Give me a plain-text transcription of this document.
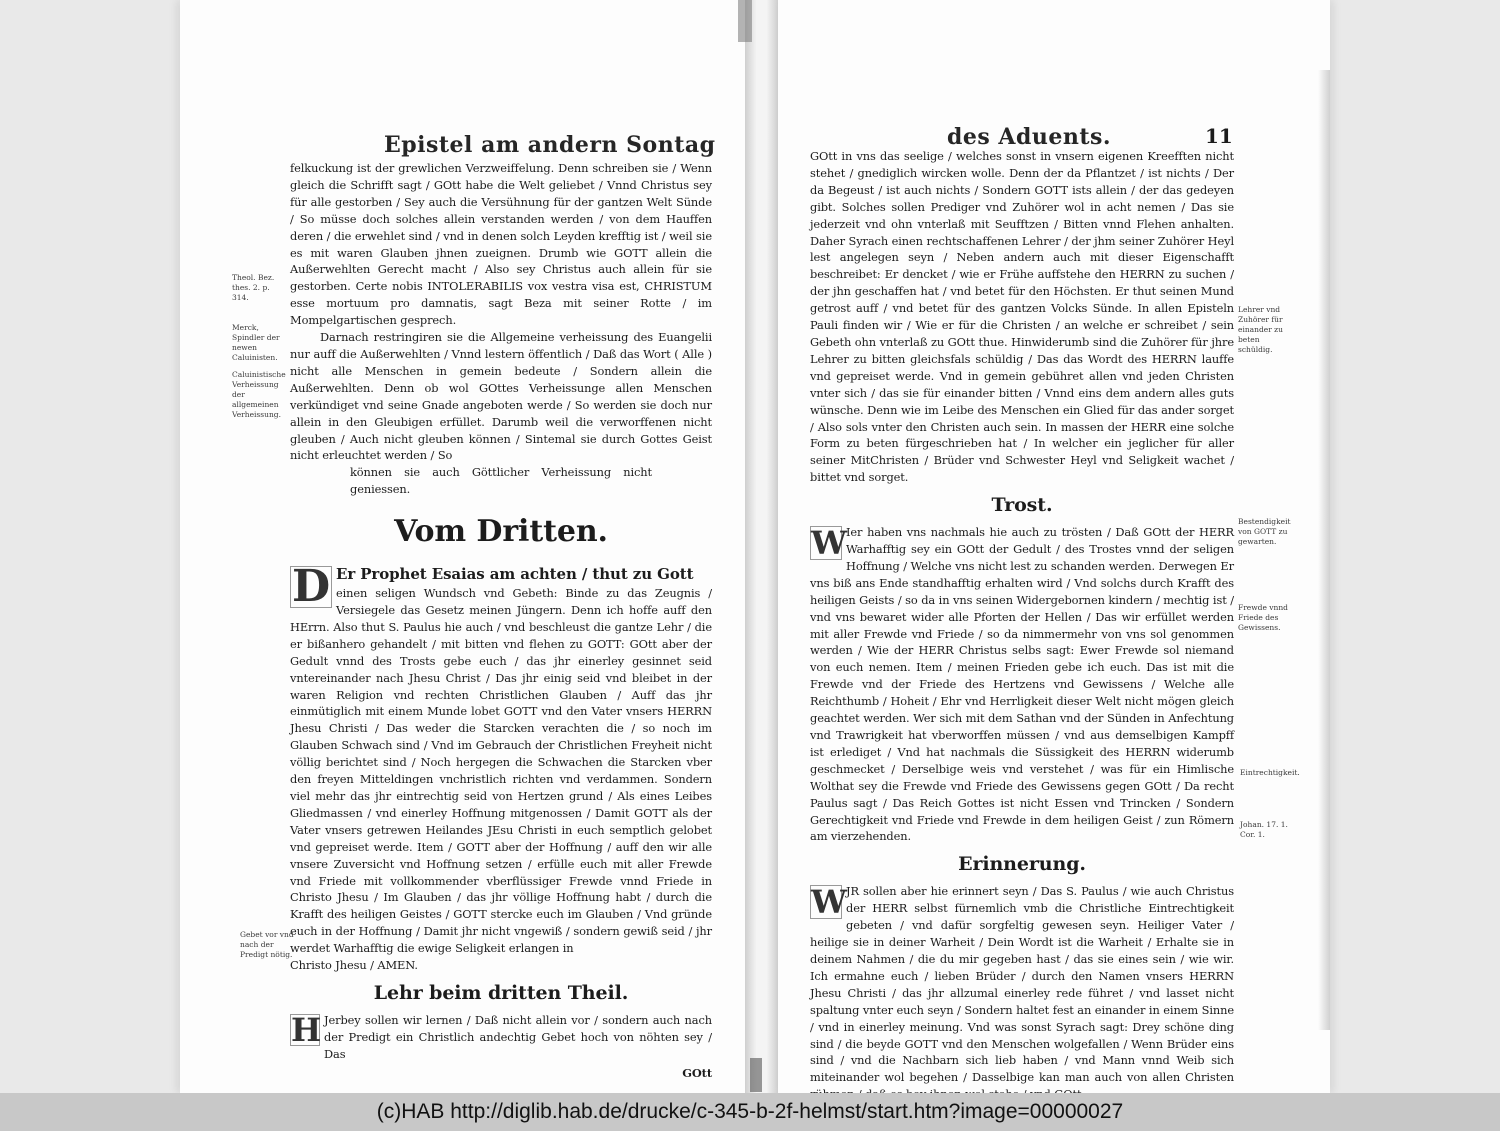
Epistel am andern Sontag

felkuckung ist der grewlichen Verzweiffelung. Denn schreiben sie / Wenn gleich die Schrifft sagt / GOtt habe die Welt geliebet / Vnnd Christus sey für alle gestorben / Sey auch die Versühnung für der gantzen Welt Sünde / So müsse doch solches allein verstanden werden / von dem Hauffen deren / die erwehlet sind / vnd in denen solch Leyden krefftig ist / weil sie es mit waren Glauben jhnen zueignen. Drumb wie GOTT allein die Außerwehlten Gerecht macht / Also sey Christus auch allein für sie gestorben. Certe nobis INTOLERABILIS vox vestra visa est, CHRISTUM esse mortuum pro damnatis, sagt Beza mit seiner Rotte / im Mompelgartischen gesprech.

Darnach restringiren sie die Allgemeine verheissung des Euangelii nur auff die Außerwehlten / Vnnd lestern öffentlich / Daß das Wort ( Alle ) nicht alle Menschen in gemein bedeute / Sondern allein die Außerwehlten. Denn ob wol GOttes Verheissunge allen Menschen verkündiget vnd seine Gnade angeboten werde / So werden sie doch nur allein in den Gleubigen erfüllet. Darumb weil die verworffenen nicht gleuben / Auch nicht gleuben können / Sintemal sie durch Gottes Geist nicht erleuchtet werden / So

können sie auch Göttlicher Verheissung nicht geniessen.

Vom Dritten.
D Er Prophet Esaias am achten / thut zu Gott

einen seligen Wundsch vnd Gebeth: Binde zu das Zeugnis / Versiegele das Gesetz meinen Jüngern. Denn ich hoffe auff den HErrn. Also thut S. Paulus hie auch / vnd beschleust die gantze Lehr / die er bißanhero gehandelt / mit bitten vnd flehen zu GOTT: GOtt aber der Gedult vnnd des Trosts gebe euch / das jhr einerley gesinnet seid vntereinander nach Jhesu Christ / Das jhr einig seid vnd bleibet in der waren Religion vnd rechten Christlichen Glauben / Auff das jhr einmütiglich mit einem Munde lobet GOTT vnd den Vater vnsers HERRN Jhesu Christi / Das weder die Starcken verachten die / so noch im Glauben Schwach sind / Vnd im Gebrauch der Christlichen Freyheit nicht völlig berichtet sind / Noch hergegen die Schwachen die Starcken vber den freyen Mitteldingen vnchristlich richten vnd verdammen. Sondern viel mehr das jhr eintrechtig seid von Hertzen grund / Als eines Leibes Gliedmassen / vnd einerley Hoffnung mitgenossen / Damit GOTT als der Vater vnsers getrewen Heilandes JEsu Christi in euch semptlich gelobet vnd gepreiset werde. Item / GOTT aber der Hoffnung / auff den wir alle vnsere Zuversicht vnd Hoffnung setzen / erfülle euch mit aller Frewde vnd Friede mit vollkommender vberflüssiger Frewde vnnd Friede in Christo Jhesu / Im Glauben / das jhr völlige Hoffnung habt / durch die Krafft des heiligen Geistes / GOTT stercke euch im Glauben / Vnd gründe euch in der Hoffnung / Damit jhr nicht vngewiß / sondern gewiß seid / jhr werdet Warhafftig die ewige Seligkeit erlangen in

Christo Jhesu / AMEN.

Lehr beim dritten Theil.
H Jerbey sollen wir lernen / Daß nicht allein vor / sondern auch nach der Predigt ein Christlich andechtig Gebet hoch von nöhten sey / Das

GOtt
Theol. Bez. thes. 2. p. 314.
Merck, Spindler der newen Caluinisten.
Caluinistische Verheissung der allgemeinen Verheissung.
Gebet vor vnd nach der Predigt nötig.
des Aduents.	11

GOtt in vns das seelige / welches sonst in vnsern eigenen Kreefften nicht stehet / gnediglich wircken wolle. Denn der da Pflantzet / ist nichts / Der da Begeust / ist auch nichts / Sondern GOTT ists allein / der das gedeyen gibt. Solches sollen Prediger vnd Zuhörer wol in acht nemen / Das sie jederzeit vnd ohn vnterlaß mit Seufftzen / Bitten vnnd Flehen anhalten. Daher Syrach einen rechtschaffenen Lehrer / der jhm seiner Zuhörer Heyl lest angelegen seyn / Neben andern auch mit dieser Eigenschafft beschreibet: Er dencket / wie er Frühe auffstehe den HERRN zu suchen / der jhn geschaffen hat / vnd betet für den Höchsten. Er thut seinen Mund getrost auff / vnd betet für des gantzen Volcks Sünde. In allen Episteln Pauli finden wir / Wie er für die Christen / an welche er schreibet / sein Gebeth ohn vnterlaß zu GOtt thue. Hinwiderumb sind die Zuhörer für jhre Lehrer zu bitten gleichsfals schüldig / Das das Wordt des HERRN lauffe vnd gepreiset werde. Vnd in gemein gebühret allen vnd jeden Christen vnter sich / das sie für einander bitten / Vnnd eins dem andern alles guts wünsche. Denn wie im Leibe des Menschen ein Glied für das ander sorget / Also sols vnter den Christen auch sein. In massen der HERR eine solche Form zu beten fürgeschrieben hat / In welcher ein jeglicher für aller seiner MitChristen / Brüder vnd Schwester Heyl vnd Seligkeit wachet / bittet vnd sorget.

Trost.
W Ier haben vns nachmals hie auch zu trösten / Daß GOtt der HERR Warhafftig sey ein GOtt der Gedult / des Trostes vnnd der seligen Hoffnung / Welche vns nicht lest zu schanden werden. Derwegen Er vns biß ans Ende standhafftig erhalten wird / Vnd solchs durch Krafft des heiligen Geists / so da in vns seinen Widergebornen kindern / mechtig ist / vnd vns bewaret wider alle Pforten der Hellen / Das wir erfüllet werden mit aller Frewde vnd Friede / so da nimmermehr von vns sol genommen werden / Wie der HERR Christus selbs sagt: Ewer Frewde sol niemand von euch nemen. Item / meinen Frieden gebe ich euch. Das ist mit die Frewde vnd der Friede des Hertzens vnd Gewissens / Welche alle Reichthumb / Hoheit / Ehr vnd Herrligkeit dieser Welt nicht mögen gleich geachtet werden. Wer sich mit dem Sathan vnd der Sünden in Anfechtung vnd Trawrigkeit hat vberworffen müssen / vnd aus demselbigen Kampff ist erlediget / Vnd hat nachmals die Süssigkeit des HERRN widerumb geschmecket / Derselbige weis vnd verstehet / was für ein Himlische Wolthat sey die Frewde vnd Friede des Gewissens gegen GOtt / Da recht Paulus sagt / Das Reich Gottes ist nicht Essen vnd Trincken / Sondern Gerechtigkeit vnd Friede vnd Frewde in dem heiligen Geist / zun Römern am vierzehenden.

Erinnerung.
W JR sollen aber hie erinnert seyn / Das S. Paulus / wie auch Christus der HERR selbst fürnemlich vmb die Christliche Eintrechtigkeit gebeten / vnd dafür sorgfeltig gewesen seyn. Heiliger Vater / heilige sie in deiner Warheit / Dein Wordt ist die Warheit / Erhalte sie in deinem Nahmen / die du mir gegeben hast / das sie eines sein / wie wir. Ich ermahne euch / lieben Brüder / durch den Namen vnsers HERRN Jhesu Christi / das jhr allzumal einerley rede führet / vnd lasset nicht spaltung vnter euch seyn / Sondern haltet fest an einander in einem Sinne / vnd in einerley meinung. Vnd was sonst Syrach sagt: Drey schöne ding sind / die beyde GOTT vnd den Menschen wolgefallen / Wenn Brüder eins sind / vnd die Nachbarn sich lieb haben / vnd Mann vnnd Weib sich miteinander wol begehen / Dasselbige kan man auch von allen Christen

Lehrer vnd Zuhörer für einander zu beten schüldig.
Bestendigkeit von GOTT zu gewarten.
Frewde vnnd Friede des Gewissens.
Eintrechtigkeit.
Johan. 17. 1. Cor. 1.
(c)HAB http://diglib.hab.de/drucke/c-345-b-2f-helmst/start.htm?image=00000027
